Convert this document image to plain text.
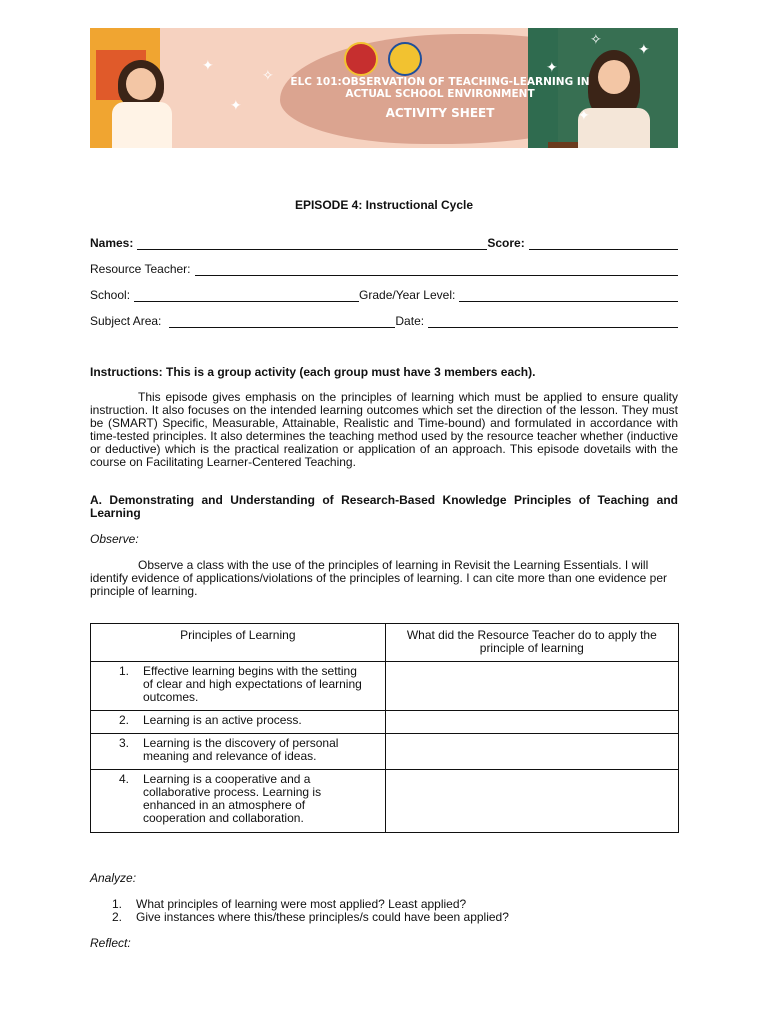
✦
✦
✧	✦
✧
✦
✦
ELC 101:OBSERVATION OF TEACHING-LEARNING IN
ACTUAL SCHOOL ENVIRONMENT
ACTIVITY SHEET
EPISODE 4: Instructional Cycle
Names:	Score:
Resource Teacher:
School:	Grade/Year Level:
Subject Area:	Date:
Instructions: This is a group activity (each group must have 3 members each).
This episode gives emphasis on the principles of learning which must be applied to ensure quality instruction. It also focuses on the intended learning outcomes which set the direction of the lesson. They must be (SMART) Specific, Measurable, Attainable, Realistic and Time-bound) and formulated in accordance with time-tested principles. It also determines the teaching method used by the resource teacher whether (inductive or deductive) which is the practical realization or application of an approach. This episode dovetails with the course on Facilitating Learner-Centered Teaching.
A. Demonstrating and Understanding of Research-Based Knowledge Principles of Teaching and Learning
Observe:
Observe a class with the use of the principles of learning in Revisit the Learning Essentials. I will identify evidence of applications/violations of the principles of learning. I can cite more than one evidence per principle of learning.
Principles of Learning	What did the Resource Teacher do to apply the principle of learning

1. Effective learning begins with the setting of clear and high expectations of learning outcomes.	

2. Learning is an active process.	

3. Learning is the discovery of personal meaning and relevance of ideas.	

4. Learning is a cooperative and a collaborative process. Learning is enhanced in an atmosphere of cooperation and collaboration.	

Analyze:
1.	What principles of learning were most applied? Least applied?
2.	Give instances where this/these principles/s could have been applied?
Reflect:
